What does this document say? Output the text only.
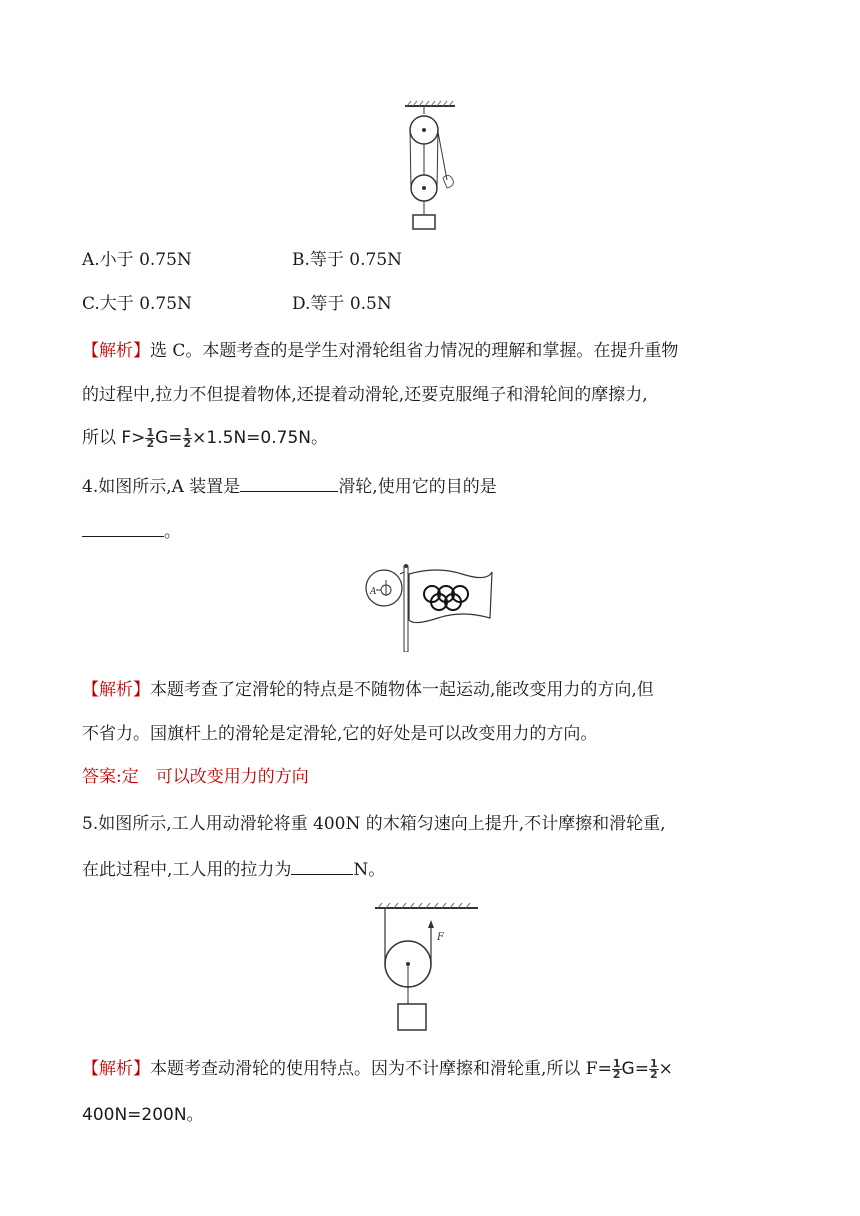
A.小于 0.75N	B.等于 0.75N
C.大于 0.75N	D.等于 0.5N
【解析】选 C。本题考查的是学生对滑轮组省力情况的理解和掌握。在提升重物
的过程中,拉力不但提着物体,还提着动滑轮,还要克服绳子和滑轮间的摩擦力,
所以 $F> \frac{1}{2} G= \frac{1}{2} \times 1.5N=0.75N$。
4.如图所示,A 装置是	滑轮,使用它的目的是
。
A
【解析】本题考查了定滑轮的特点是不随物体一起运动,能改变用力的方向,但
不省力。国旗杆上的滑轮是定滑轮,它的好处是可以改变用力的方向。
答案:定　可以改变用力的方向
5.如图所示,工人用动滑轮将重 400N 的木箱匀速向上提升,不计摩擦和滑轮重,
在此过程中,工人用的拉力为	N。
F
【解析】本题考查动滑轮的使用特点。因为不计摩擦和滑轮重,所以 $F= \frac{1}{2} G= \frac{1}{2}$ ×
400N=200N。
